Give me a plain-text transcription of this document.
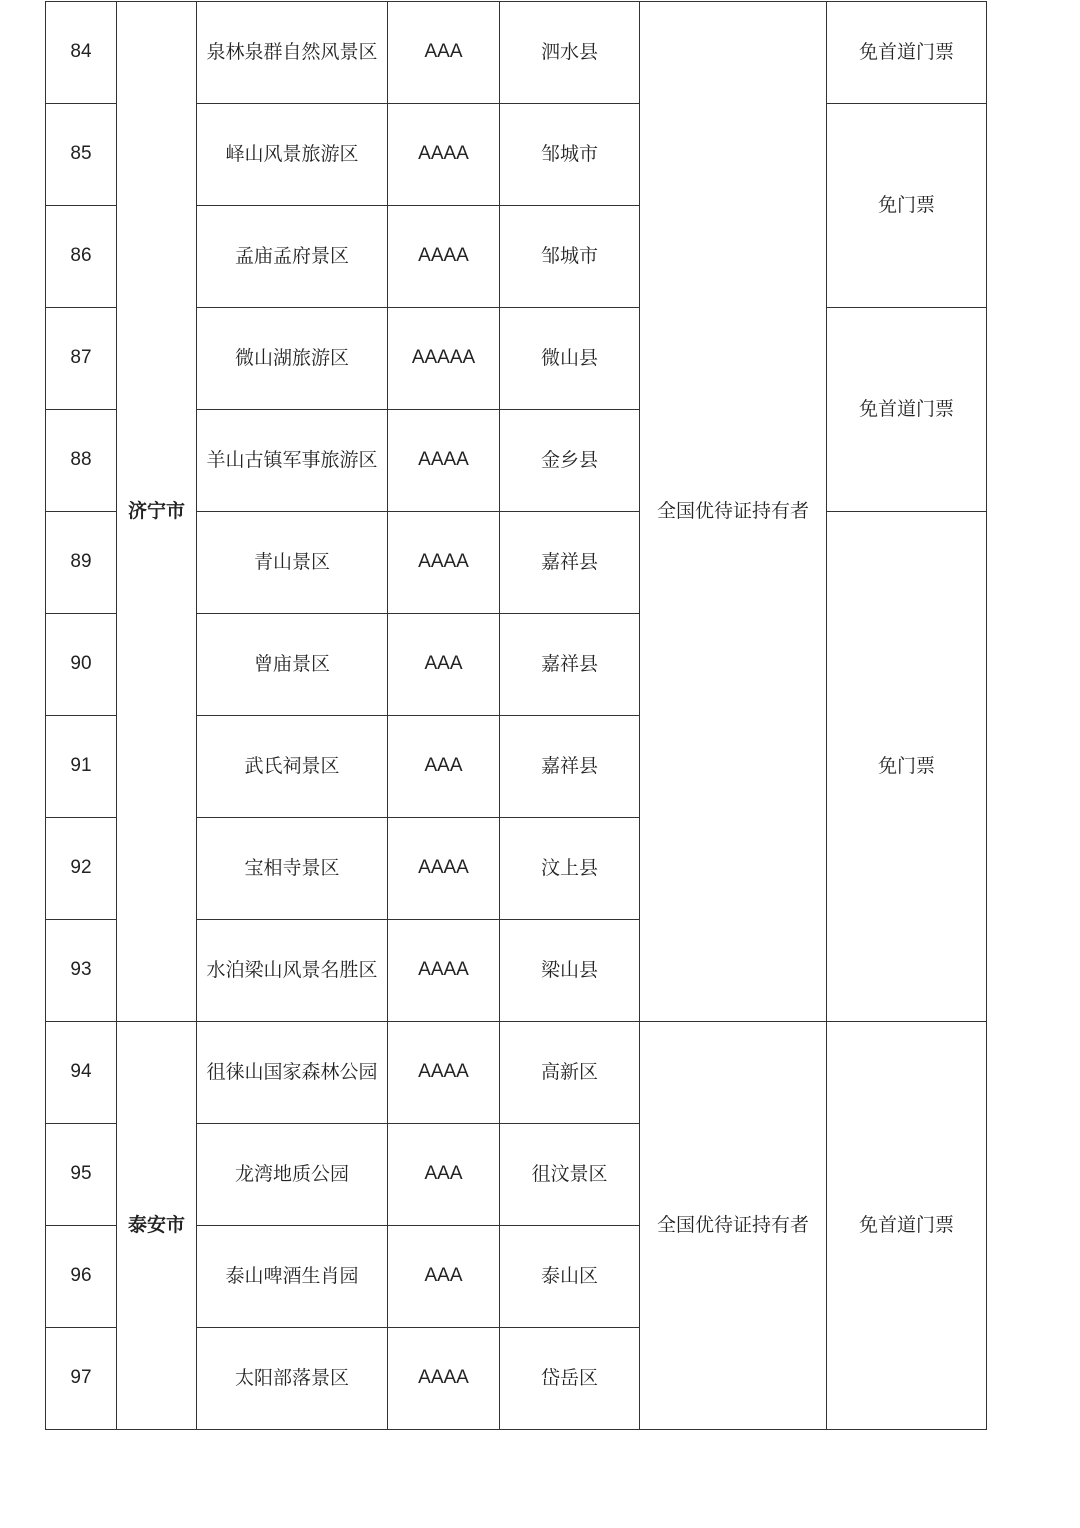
84	济宁市	泉林泉群自然风景区	AAA	泗水县	全国优待证持有者	免首道门票
85		峄山风景旅游区	AAAA	邹城市		免门票
86		孟庙孟府景区	AAAA	邹城市		
87		微山湖旅游区	AAAAA	微山县		免首道门票
88		羊山古镇军事旅游区	AAAA	金乡县		
89		青山景区	AAAA	嘉祥县		免门票
90		曾庙景区	AAA	嘉祥县		
91		武氏祠景区	AAA	嘉祥县		
92		宝相寺景区	AAAA	汶上县		
93		水泊梁山风景名胜区	AAAA	梁山县		
94	泰安市	徂徕山国家森林公园	AAAA	高新区	全国优待证持有者	免首道门票
95		龙湾地质公园	AAA	徂汶景区		
96		泰山啤酒生肖园	AAA	泰山区		
97		太阳部落景区	AAAA	岱岳区		
